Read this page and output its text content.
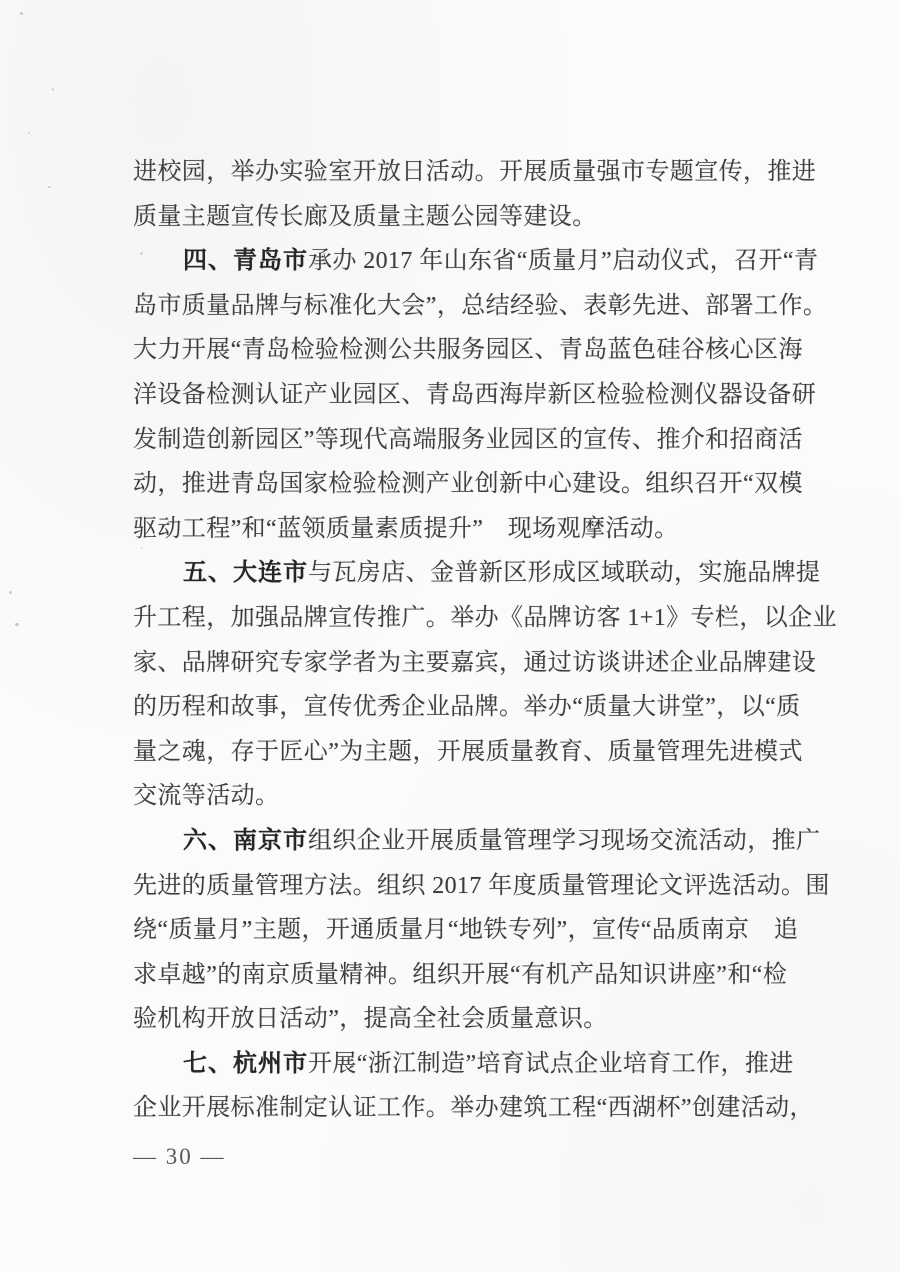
进校园，举办实验室开放日活动。开展质量强市专题宣传，推进
质量主题宣传长廊及质量主题公园等建设。
四、青岛市承办 2017 年山东省“质量月”启动仪式，召开“青
岛市质量品牌与标准化大会”，总结经验、表彰先进、部署工作。
大力开展“青岛检验检测公共服务园区、青岛蓝色硅谷核心区海
洋设备检测认证产业园区、青岛西海岸新区检验检测仪器设备研
发制造创新园区”等现代高端服务业园区的宣传、推介和招商活
动，推进青岛国家检验检测产业创新中心建设。组织召开“双模
驱动工程”和“蓝领质量素质提升”　现场观摩活动。
五、大连市与瓦房店、金普新区形成区域联动，实施品牌提
升工程，加强品牌宣传推广。举办《品牌访客 1+1》专栏，以企业
家、品牌研究专家学者为主要嘉宾，通过访谈讲述企业品牌建设
的历程和故事，宣传优秀企业品牌。举办“质量大讲堂”，以“质
量之魂，存于匠心”为主题，开展质量教育、质量管理先进模式
交流等活动。
六、南京市组织企业开展质量管理学习现场交流活动，推广
先进的质量管理方法。组织 2017 年度质量管理论文评选活动。围
绕“质量月”主题，开通质量月“地铁专列”，宣传“品质南京　追
求卓越”的南京质量精神。组织开展“有机产品知识讲座”和“检
验机构开放日活动”，提高全社会质量意识。
七、杭州市开展“浙江制造”培育试点企业培育工作，推进
企业开展标准制定认证工作。举办建筑工程“西湖杯”创建活动，
— 30 —
